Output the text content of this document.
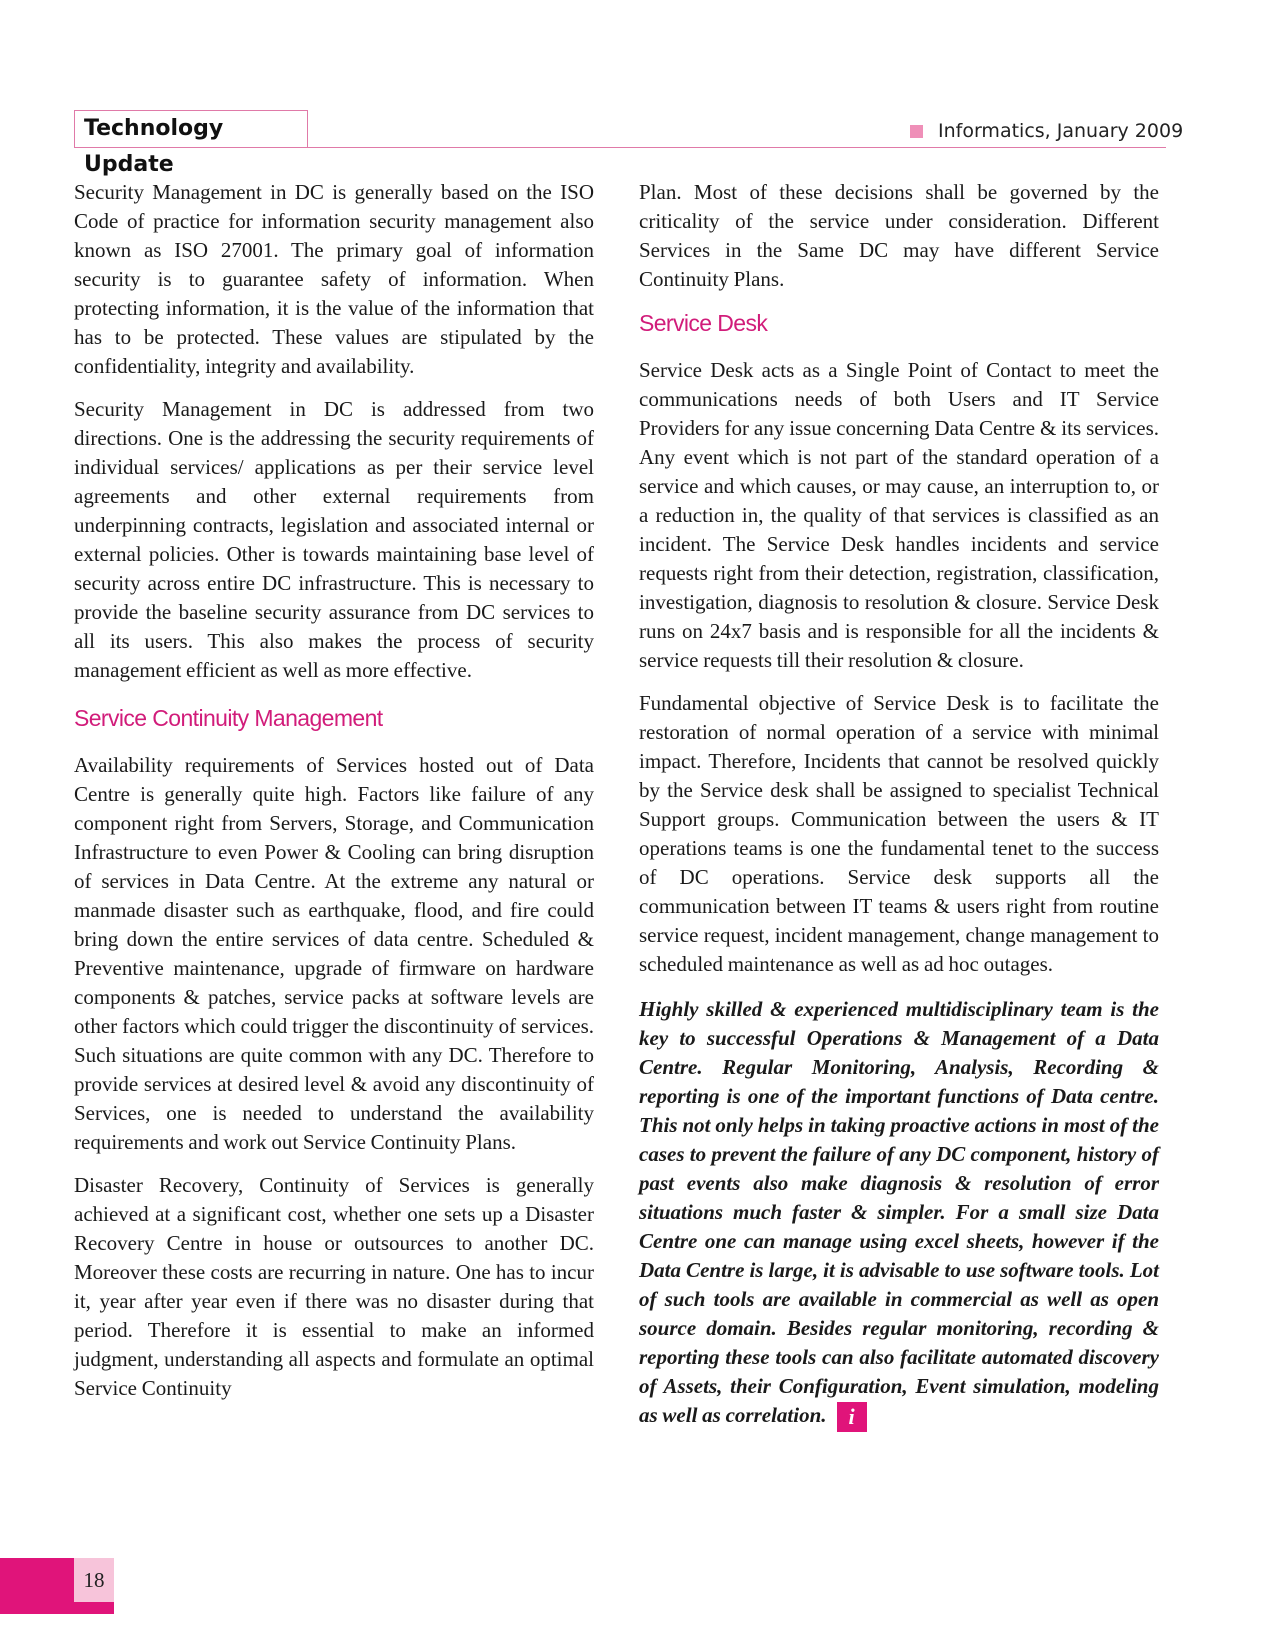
Technology Update
Informatics, January 2009

Security Management in DC is generally based on the ISO Code of practice for information security management also known as ISO 27001. The primary goal of information security is to guarantee safety of information. When protecting information, it is the value of the information that has to be protected. These values are stipulated by the confidentiality, integrity and availability.

Security Management in DC is addressed from two directions. One is the addressing the security requirements of individual services/ applications as per their service level agreements and other external requirements from underpinning contracts, legislation and associated internal or external policies. Other is towards maintaining base level of security across entire DC infrastructure. This is necessary to provide the baseline security assurance from DC services to all its users. This also makes the process of security management efficient as well as more effective.

Service Continuity Management

Availability requirements of Services hosted out of Data Centre is generally quite high. Factors like failure of any component right from Servers, Storage, and Communication Infrastructure to even Power & Cooling can bring disruption of services in Data Centre. At the extreme any natural or manmade disaster such as earthquake, flood, and fire could bring down the entire services of data centre. Scheduled & Preventive maintenance, upgrade of firmware on hardware components & patches, service packs at software levels are other factors which could trigger the discontinuity of services. Such situations are quite common with any DC. Therefore to provide services at desired level & avoid any discontinuity of Services, one is needed to understand the availability requirements and work out Service Continuity Plans.

Disaster Recovery, Continuity of Services is generally achieved at a significant cost, whether one sets up a Disaster Recovery Centre in house or outsources to another DC. Moreover these costs are recurring in nature. One has to incur it, year after year even if there was no disaster during that period. Therefore it is essential to make an informed judgment, understanding all aspects and formulate an optimal Service Continuity

Plan. Most of these decisions shall be governed by the criticality of the service under consideration. Different Services in the Same DC may have different Service Continuity Plans.

Service Desk

Service Desk acts as a Single Point of Contact to meet the communications needs of both Users and IT Service Providers for any issue concerning Data Centre & its services. Any event which is not part of the standard operation of a service and which causes, or may cause, an interruption to, or a reduction in, the quality of that services is classified as an incident. The Service Desk handles incidents and service requests right from their detection, registration, classification, investigation, diagnosis to resolution & closure. Service Desk runs on 24x7 basis and is responsible for all the incidents & service requests till their resolution & closure.

Fundamental objective of Service Desk is to facilitate the restoration of normal operation of a service with minimal impact. Therefore, Incidents that cannot be resolved quickly by the Service desk shall be assigned to specialist Technical Support groups. Communication between the users & IT operations teams is one the fundamental tenet to the success of DC operations. Service desk supports all the communication between IT teams & users right from routine service request, incident management, change management to scheduled maintenance as well as ad hoc outages.

Highly skilled & experienced multidisciplinary team is the key to successful Operations & Management of a Data Centre. Regular Monitoring, Analysis, Recording & reporting is one of the important functions of Data centre. This not only helps in taking proactive actions in most of the cases to prevent the failure of any DC component, history of past events also make diagnosis & resolution of error situations much faster & simpler. For a small size Data Centre one can manage using excel sheets, however if the Data Centre is large, it is advisable to use software tools. Lot of such tools are available in commercial as well as open source domain. Besides regular monitoring, recording & reporting these tools can also facilitate automated discovery of Assets, their Configuration, Event simulation, modeling as well as correlation. i

18
